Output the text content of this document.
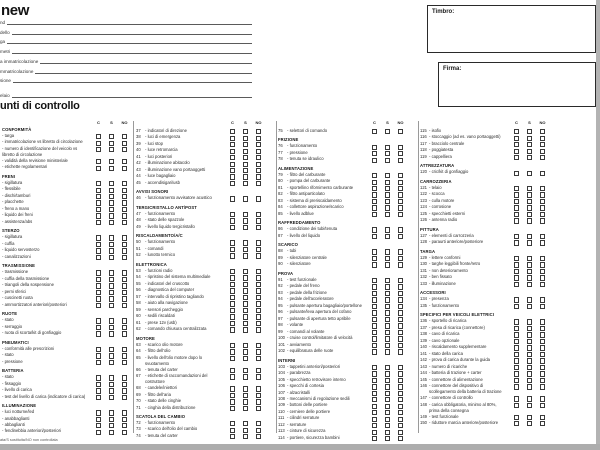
new
nd
dello
ga
metri
a immatricolazione
mmatricolazione
sione
elaio
Timbro:
Firma:
unti di controllo
C	S	NO
CONFORMITÀ
- targa
- immatricolazione vs libretto di circolazione
- numero di identificazione del veicolo vs libretto di circolazione
- validità della revisione ministeriale
- etichette regolamentari
FRENI
- sigillatura
- flessibile
- dischi/tamburi
- placchette
- freno a mano
- liquido dei freni
- assistenza/abs
STERZO
- sigillatura
- cuffia
- liquido servosterzo
- canalizzazioni
TRASMISSIONE
- trasmissione
- cuffia della trasmissione
- triangoli della sospensione
- perni sferici
- cuscinetti ruota
- ammortizzatori anteriori/posteriori
RUOTE
- stato
- serraggio
- ruota di scorta/kit di gonfiaggio
PNEUMATICI
- conformità alle prescrizioni
- stato
- pressione
BATTERIA
- stato
- fissaggio
- livello di carica
- test del livello di carica (indicatore di carica)
ILLUMINAZIONE
- luci notturne/led
- anabbaglianti
- abbaglianti
- fendinebbia anteriori/posteriori
C	S	NO
37	- indicatori di direzione
38	- luci di emergenza
39	- luci stop
40	- luce retromarcia
41	- luci posteriori
42	- illuminazione abitacolo
43	- illuminazione vano portaoggetti
44	- luce bagagliaio
45	- accendisigari/usb
AVVISI SONORI
46	- funzionamento avvisatore acustico
TERGICRISTALLO ANT/POST
47	- funzionamento
48	- stato delle spazzole
49	- livello liquido tergicristallo
RISCALDAMENTO/A/C
50	- funzionamento
51	- comandi
52	- lunotto termico
ELETTRONICA
53	- funzioni radio
54	- ripristino del sistema multimediale
55	- indicatori del cruscotto
56	- diagnostica del computer
57	- intervallo di ripristino tagliando
58	- aiuto alla navigazione
59	- sensori parcheggio
60	- sedili riscaldati
61	- prese 12v (usb)
62	- comando chiusura centralizzata
MOTORE
63	- scarico olio motore
64	- filtro dell'olio
65	- livello dell'olio motore dopo lo svuotamento
66	- tenuta del carter
67	- etichette di raccomandazioni del costruttore
68	- candele/iniettori
69	- filtro dell'aria
70	- stato delle cinghie
71	- cinghia della distribuzione
SCATOLA DEL CAMBIO
72	- funzionamento
73	- scarico dell'olio del cambio
74	- tenuta del carter
C	S	NO
75	- selettori di comando
FRIZIONE
76	- funzionamento
77	- pressione
78	- tenuta se idraulico
ALIMENTAZIONE
79	- filtro del carburante
80	- pompa del carburante
81	- sportellino rifornimento carburante
82	- filtro antiparticolato
83	- sistema di preriscaldamento
84	- collettore aspirazione/scarico
85	- livello adblue
RAFFREDDAMENTO
86	- condizione dei tubi/tenuta
87	- livello del liquido
SCARICO
88	- tubi
89	- silenziatore centrale
90	- silenziatore
PROVA
91	- test funzionale
92	- pedale del freno
93	- pedale della frizione
94	- pedale dell'acceleratore
95	- pulsante apertura bagagliaio/portellone
96	- pulsante/leva apertura del cofano
97	- pulsante di apertura tetto apribile
98	- volante
99	- comandi al volante
100	- cruise control/limitatore di velocità
101	- avviamento
102	- equilibratura delle ruote
INTERNI
103	- tappetini anteriori/posteriori
104	- parabrezza
105	- specchietto retrovisore interno
106	- specchi di cortesia
107	- alzacristalli
108	- meccanismi di regolazione sedili
109	- bottoni delle portiere
110	- cerniere delle portiere
111	- cilindri serrature
112	- serrature
113	- cinture di sicurezza
114	- portiere, sicurezza bambini
C	S	NO
115	- isofix
116	- stoccaggio (ad es. vano portaoggetti)
117	- bracciolo centrale
118	- poggiatesta
119	- cappelliera
ATTREZZATURA
120	- cric/kit di gonfiaggio
CARROZZERIA
121	- telaio
122	- scocca
123	- culla motore
124	- corrosione
125	- specchietti esterni
126	- antenna radio
PITTURA
127	- elementi di carrozzeria
128	- paraurti anteriore/posteriore
TARGA
129	- lettere conformi
130	- targhe leggibili fronte/retro
131	- non deterioramento
132	- ben fissato
133	- illuminazione
ACCESSORI
134	- presenza
135	- funzionamento
SPECIFICI PER VEICOLI ELETTRICI
136	- sportello di ricarica
137	- presa di ricarica (connettore)
138	- cavo di ricarica
139	- cavo opzionale
140	- riscaldamento supplementare
141	- stato della carica
142	- prova di carica durante la guida
143	- numero di ricariche
144	- batteria di trazione + carter
145	- connettore di alimentazione
146	- connettore del dispositivo di scollegamento della batteria di trazione
147	- connettore di controllo
148	- carica obbligatoria, minimo al 80%, prima della consegna
149	- test funzionale
150	- riduttore marcia anteriore/posteriore
ata/S sostituita/NO non controllata
